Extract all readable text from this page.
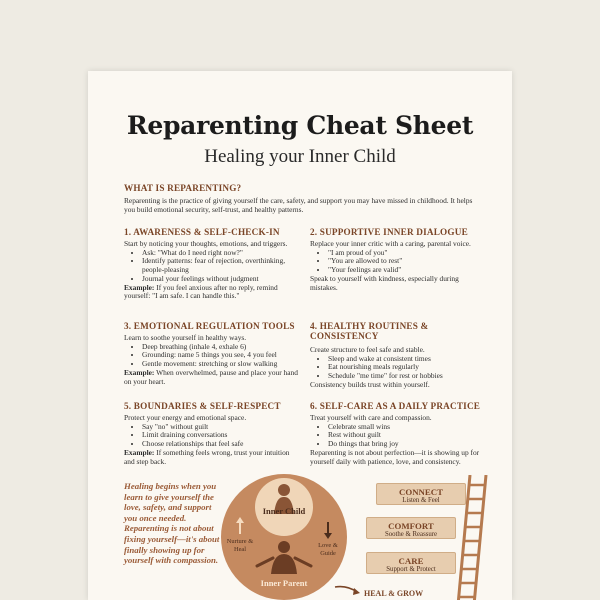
Reparenting Cheat Sheet
Healing your Inner Child
WHAT IS REPARENTING?
Reparenting is the practice of giving yourself the care, safety, and support you may have missed in childhood. It helps you build emotional security, self-trust, and healthy patterns.
1. AWARENESS & SELF-CHECK-IN
Start by noticing your thoughts, emotions, and triggers.
• Ask: "What do I need right now?"
• Identify patterns: fear of rejection, overthinking, people-pleasing
• Journal your feelings without judgment
Example: If you feel anxious after no reply, remind yourself: "I am safe. I can handle this."
2. SUPPORTIVE INNER DIALOGUE
Replace your inner critic with a caring, parental voice.
• "I am proud of you"
• "You are allowed to rest"
• "Your feelings are valid"
Speak to yourself with kindness, especially during mistakes.
3. EMOTIONAL REGULATION TOOLS
Learn to soothe yourself in healthy ways.
• Deep breathing (inhale 4, exhale 6)
• Grounding: name 5 things you see, 4 you feel
• Gentle movement: stretching or slow walking
Example: When overwhelmed, pause and place your hand on your heart.
4. HEALTHY ROUTINES & CONSISTENCY
Create structure to feel safe and stable.
• Sleep and wake at consistent times
• Eat nourishing meals regularly
• Schedule "me time" for rest or hobbies
Consistency builds trust within yourself.
5. BOUNDARIES & SELF-RESPECT
Protect your energy and emotional space.
• Say "no" without guilt
• Limit draining conversations
• Choose relationships that feel safe
Example: If something feels wrong, trust your intuition and step back.
6. SELF-CARE AS A DAILY PRACTICE
Treat yourself with care and compassion.
• Celebrate small wins
• Rest without guilt
• Do things that bring joy
Reparenting is not about perfection—it is showing up for yourself daily with patience, love, and consistency.
Healing begins when you learn to give yourself the love, safety, and support you once needed. Reparenting is not about fixing yourself—it's about finally showing up for yourself with compassion.
Inner Child
Nurture & Heal	Love & Guide
Inner Parent
CONNECT
Listen & Feel
COMFORT
Soothe & Reassure
CARE
Support & Protect
HEAL & GROW
